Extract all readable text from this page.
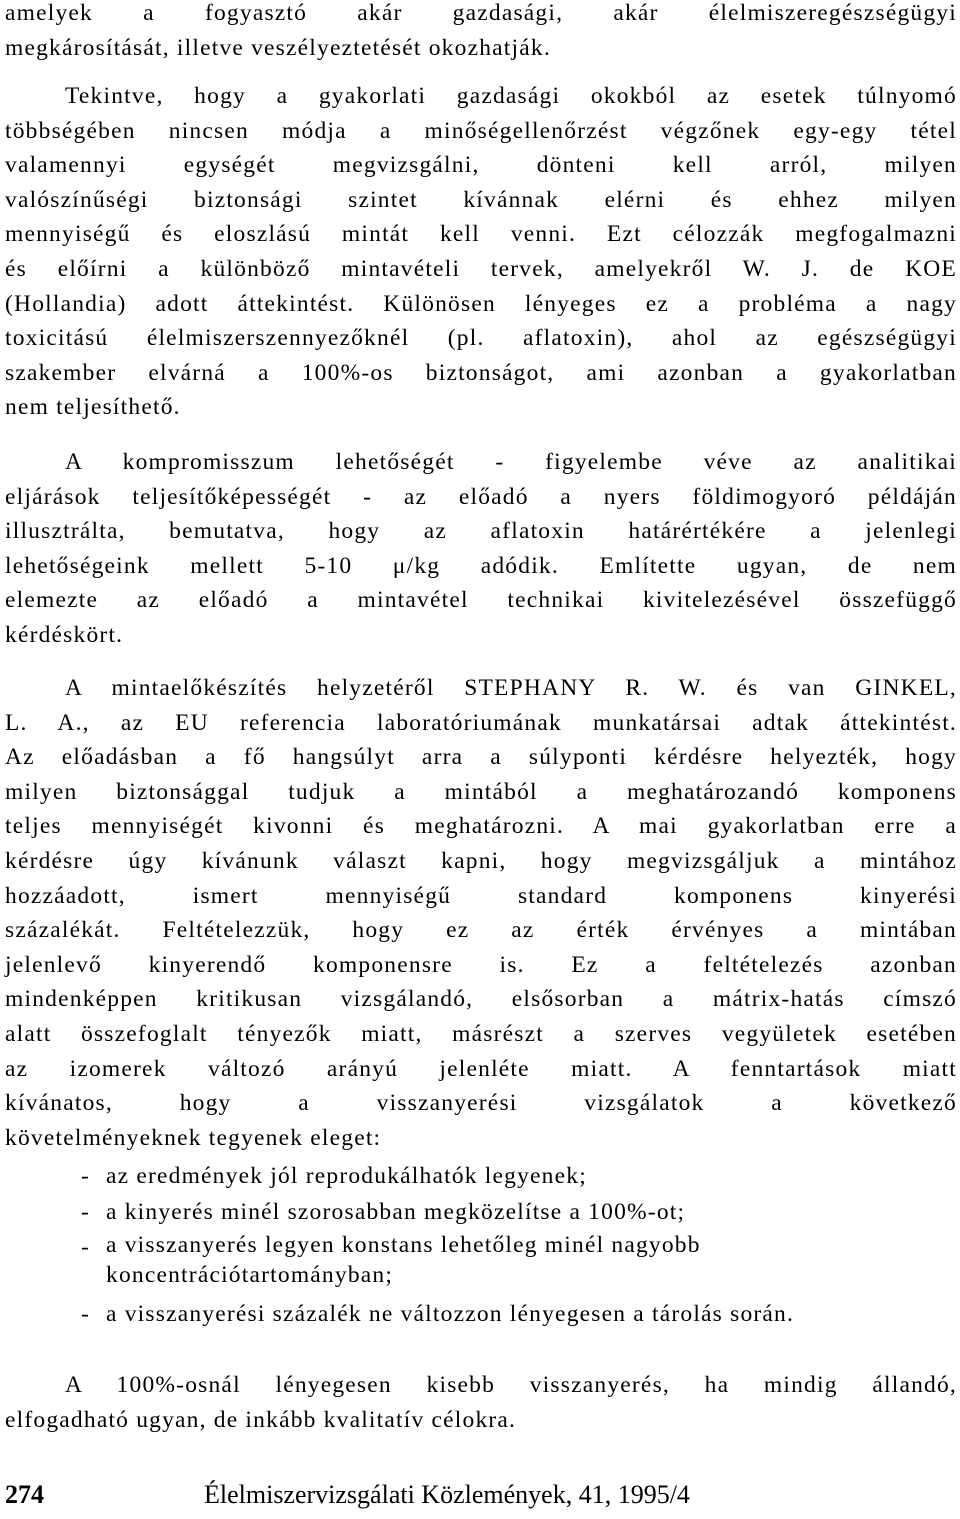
amelyek a fogyasztó akár gazdasági, akár élelmiszeregészségügyi
megkárosítását, illetve veszélyeztetését okozhatják.
Tekintve, hogy a gyakorlati gazdasági okokból az esetek túlnyomó
többségében nincsen módja a minőségellenőrzést végzőnek egy-egy tétel
valamennyi egységét megvizsgálni, dönteni kell arról, milyen
valószínűségi biztonsági szintet kívánnak elérni és ehhez milyen
mennyiségű és eloszlású mintát kell venni. Ezt célozzák megfogalmazni
és előírni a különböző mintavételi tervek, amelyekről W. J. de KOE
(Hollandia) adott áttekintést. Különösen lényeges ez a probléma a nagy
toxicitású élelmiszerszennyezőknél (pl. aflatoxin), ahol az egészségügyi
szakember elvárná a 100%-os biztonságot, ami azonban a gyakorlatban
nem teljesíthető.
A kompromisszum lehetőségét - figyelembe véve az analitikai
eljárások teljesítőképességét - az előadó a nyers földimogyoró példáján
illusztrálta, bemutatva, hogy az aflatoxin határértékére a jelenlegi
lehetőségeink mellett 5-10 μ/kg adódik. Említette ugyan, de nem
elemezte az előadó a mintavétel technikai kivitelezésével összefüggő
kérdéskört.
A mintaelőkészítés helyzetéről STEPHANY R. W. és van GINKEL,
L. A., az EU referencia laboratóriumának munkatársai adtak áttekintést.
Az előadásban a fő hangsúlyt arra a súlyponti kérdésre helyezték, hogy
milyen biztonsággal tudjuk a mintából a meghatározandó komponens
teljes mennyiségét kivonni és meghatározni. A mai gyakorlatban erre a
kérdésre úgy kívánunk választ kapni, hogy megvizsgáljuk a mintához
hozzáadott, ismert mennyiségű standard komponens kinyerési
százalékát. Feltételezzük, hogy ez az érték érvényes a mintában
jelenlevő kinyerendő komponensre is. Ez a feltételezés azonban
mindenképpen kritikusan vizsgálandó, elsősorban a mátrix-hatás címszó
alatt összefoglalt tényezők miatt, másrészt a szerves vegyületek esetében
az izomerek változó arányú jelenléte miatt. A fenntartások miatt
kívánatos, hogy a visszanyerési vizsgálatok a következő
követelményeknek tegyenek eleget:
- az eredmények jól reprodukálhatók legyenek;
- a kinyerés minél szorosabban megközelítse a 100%-ot;
- a visszanyerés legyen konstans lehetőleg minél nagyobb
koncentrációtartományban;
- a visszanyerési százalék ne változzon lényegesen a tárolás során.
A 100%-osnál lényegesen kisebb visszanyerés, ha mindig állandó,
elfogadható ugyan, de inkább kvalitatív célokra.
274	Élelmiszervizsgálati Közlemények, 41, 1995/4
